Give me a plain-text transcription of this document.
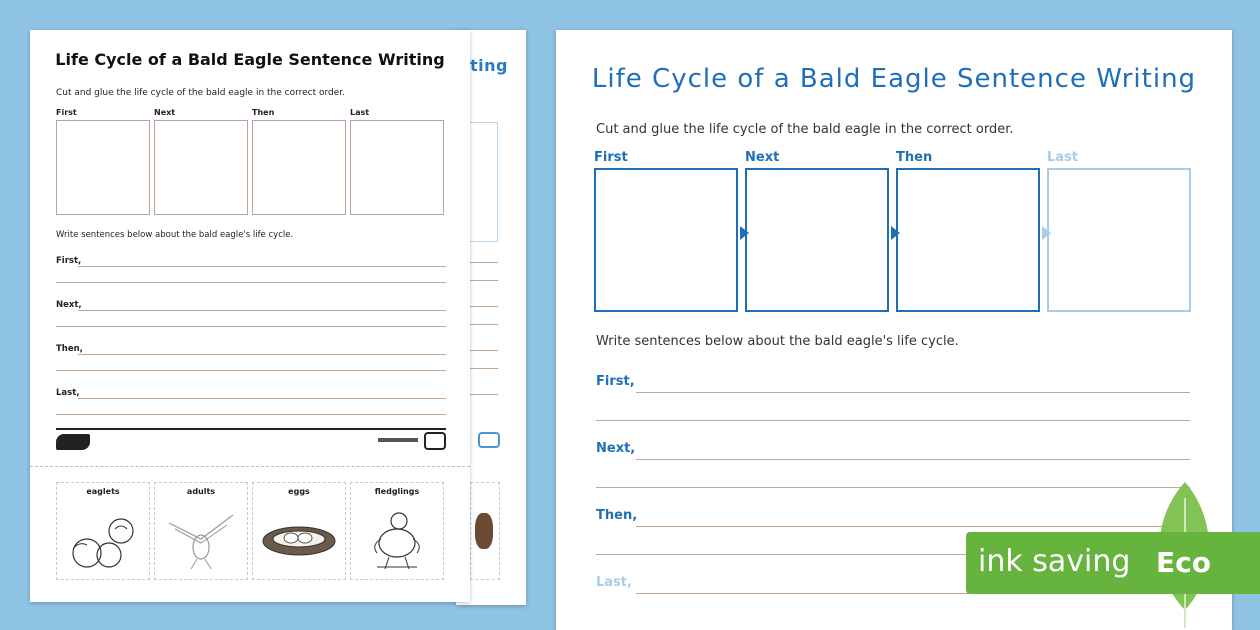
ting
Life Cycle of a Bald Eagle Sentence Writing
Cut and glue the life cycle of the bald eagle in the correct order.
First	Next	Then	Last
Write sentences below about the bald eagle's life cycle.
First,
Next,
Then,
Last,
eaglets	adults	eggs	fledglings
Life Cycle of a Bald Eagle Sentence Writing
Cut and glue the life cycle of the bald eagle in the correct order.
First	Next	Then	Last
Write sentences below about the bald eagle's life cycle.
First,
Next,
Then,
Last,
ink saving Eco
